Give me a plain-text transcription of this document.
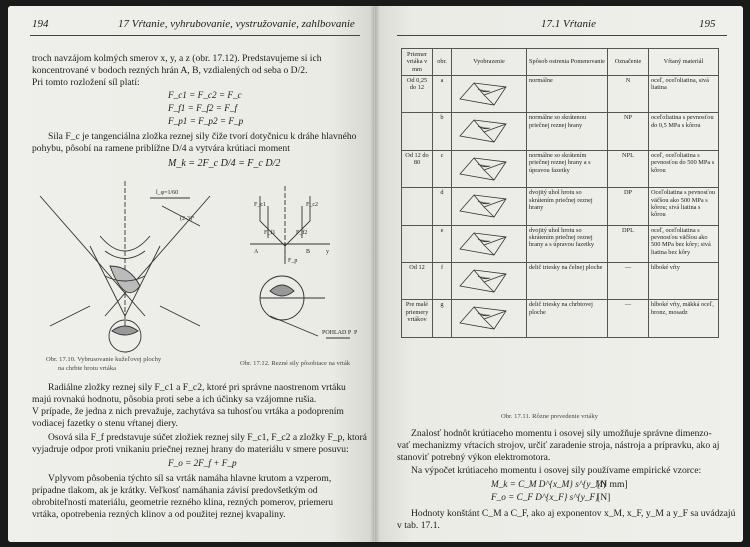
194	17 Vŕtanie, vyhrubovanie, vystružovanie, zahlbovanie
troch navzájom kolmých smerov x, y, a z (obr. 17.12). Predstavujeme si ich
koncentrované v bodoch rezných hrán A, B, vzdialených od seba o D/2.
Pri tomto rozložení síl platí:
F_c1 = F_c2 = F_c
F_f1 = F_f2 = F_f
F_p1 = F_p2 = F_p
Sila F_c je tangenciálna zložka reznej sily čiže tvorí dotyčnicu k dráhe hlavného
pohybu, pôsobí na ramene priblížne D/4 a vytvára krútiaci moment
M_k = 2F_c D/4 = F_c D/2
l_φ=1/60
(2-3)°
F_c1	F_c2
F_f1	F_f2
A	B	y
F_p
POHLAD P P
Obr. 17.10. Vybrusovanie kužeľovej plochy
na chrbte hrotu vrtáka
Obr. 17.12. Rezné sily pôsobiace na vrták
Radiálne zložky reznej sily F_c1 a F_c2, ktoré pri správne naostrenom vrtáku
majú rovnakú hodnotu, pôsobia proti sebe a ich účinky sa vzájomne rušia.
V prípade, že jedna z nich prevažuje, zachytáva sa tuhosťou vrtáka a podoprením
vodiacej fazetky o stenu vŕtanej diery.
Osová sila F_f predstavuje súčet zložiek reznej sily F_c1, F_c2 a zložky F_p, ktorá
vyjadruje odpor proti vnikaniu priečnej reznej hrany do materiálu v smere posuvu:
F_o = 2F_f + F_p
Vplyvom pôsobenia týchto síl sa vrták namáha hlavne krutom a vzperom,
prípadne tlakom, ak je krátky. Veľkosť namáhania závisí predovšetkým od
obrobiteľnosti materiálu, geometrie rezného klina, rezných pomerov, priemeru
vrtáka, opotrebenia rezných klinov a od použitej reznej kvapaliny.
17.1 Vŕtanie	195
Priemer vrtáka v mm	obr.	Vyobrazenie	Spôsob ostrenia Pomenovanie	Označenie	Vŕtaný materiál
Od 0,25 do 12	a		normálne	N	oceľ, oceľoliatina, sivá liatina
	b		normálne so skrátenou priečnej reznej hrany	NP	oceľoliatina s pevnosťou do 0,5 MPa s kôrou
Od 12 do 80	c		normálne so skrátením priečnej reznej hrany a s úpravou fazetky	NPL	oceľ, oceľoliatina s pevnosťou do 500 MPa s kôrou
	d		dvojitý uhol hrotu so skrátením priečnej reznej hrany	DP	Oceľoliatina s pevnosťou väčšou ako 500 MPa s kôrou; sivá liatina s kôrou
	e		dvojitý uhol hrotu so skrátením priečnej reznej hrany a s úpravou fazetky	DPL	oceľ, oceľoliatina s pevnosťou väčšou ako 500 MPa bez kôry; sivá liatina bez kôry
Od 12	f		delič triesky na čelnej ploche	—	hlboké vŕty
Pre malé priemery vrtákov	g		delič triesky na chrbtovej ploche	—	hlboké vŕty, mäkká oceľ, bronz, mosadz
Obr. 17.11. Rôzne prevedenie vrtáky
Znalosť hodnôt krútiaceho momentu i osovej sily umožňuje správne dimenzo-
vať mechanizmy vŕtacích strojov, určiť zaradenie stroja, nástroja a prípravku, ako aj
stanoviť potrebný výkon elektromotora.
Na výpočet krútiaceho momentu i osovej sily používame empirické vzorce:
M_k = C_M D^{x_M} s^{y_M}
[N mm]
F_o = C_F D^{x_F} s^{y_F}
[N]
Hodnoty konštánt C_M a C_F, ako aj exponentov x_M, x_F, y_M a y_F sa uvádzajú
v tab. 17.1.
